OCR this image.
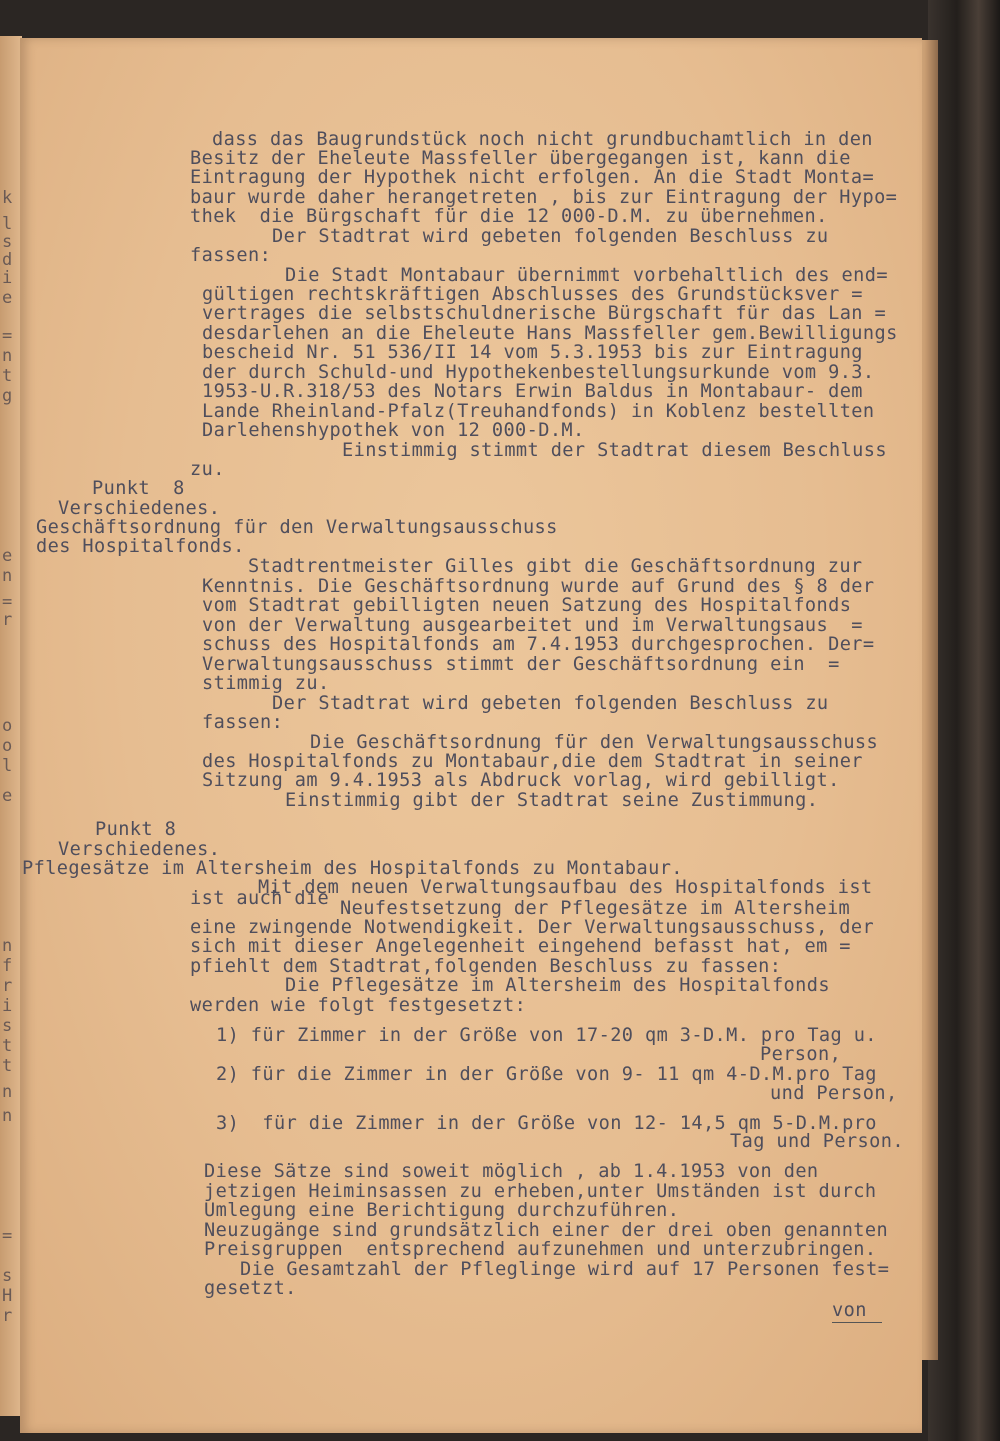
k
l
s
d
i
e
=
n
t
g
e
n
=
r
o
o
l
e
n
f
r
i
s
t
t
n
n
=
s
H
r
dass das Baugrundstück noch nicht grundbuchamtlich in den
Besitz der Eheleute Massfeller übergegangen ist, kann die
Eintragung der Hypothek nicht erfolgen. An die Stadt Monta=
baur wurde daher herangetreten , bis zur Eintragung der Hypo=
thek  die Bürgschaft für die 12 000-D.M. zu übernehmen.
Der Stadtrat wird gebeten folgenden Beschluss zu
fassen:
Die Stadt Montabaur übernimmt vorbehaltlich des end=
gültigen rechtskräftigen Abschlusses des Grundstücksver =
vertrages die selbstschuldnerische Bürgschaft für das Lan =
desdarlehen an die Eheleute Hans Massfeller gem.Bewilligungs
bescheid Nr. 51 536/II 14 vom 5.3.1953 bis zur Eintragung
der durch Schuld-und Hypothekenbestellungsurkunde vom 9.3.
1953-U.R.318/53 des Notars Erwin Baldus in Montabaur- dem
Lande Rheinland-Pfalz(Treuhandfonds) in Koblenz bestellten
Darlehenshypothek von 12 000-D.M.
Einstimmig stimmt der Stadtrat diesem Beschluss
zu.
Punkt  8
Verschiedenes.
Geschäftsordnung für den Verwaltungsausschuss
des Hospitalfonds.
Stadtrentmeister Gilles gibt die Geschäftsordnung zur
Kenntnis. Die Geschäftsordnung wurde auf Grund des § 8 der
vom Stadtrat gebilligten neuen Satzung des Hospitalfonds
von der Verwaltung ausgearbeitet und im Verwaltungsaus  =
schuss des Hospitalfonds am 7.4.1953 durchgesprochen. Der=
Verwaltungsausschuss stimmt der Geschäftsordnung ein  =
stimmig zu.
Der Stadtrat wird gebeten folgenden Beschluss zu
fassen:
Die Geschäftsordnung für den Verwaltungsausschuss
des Hospitalfonds zu Montabaur,die dem Stadtrat in seiner
Sitzung am 9.4.1953 als Abdruck vorlag, wird gebilligt.
Einstimmig gibt der Stadtrat seine Zustimmung.
Punkt 8
Verschiedenes.
Pflegesätze im Altersheim des Hospitalfonds zu Montabaur.
Mit dem neuen Verwaltungsaufbau des Hospitalfonds ist
ist auch die Neufestsetzung der Pflegesätze im Altersheim
eine zwingende Notwendigkeit. Der Verwaltungsausschuss, der
sich mit dieser Angelegenheit eingehend befasst hat, em =
pfiehlt dem Stadtrat,folgenden Beschluss zu fassen:
Die Pflegesätze im Altersheim des Hospitalfonds
werden wie folgt festgesetzt:
1) für Zimmer in der Größe von 17-20 qm 3-D.M. pro Tag u.
Person,
2) für die Zimmer in der Größe von 9- 11 qm 4-D.M.pro Tag
und Person,
3)  für die Zimmer in der Größe von 12- 14,5 qm 5-D.M.pro
Tag und Person.
Diese Sätze sind soweit möglich , ab 1.4.1953 von den
jetzigen Heiminsassen zu erheben,unter Umständen ist durch
Umlegung eine Berichtigung durchzuführen.
Neuzugänge sind grundsätzlich einer der drei oben genannten
Preisgruppen  entsprechend aufzunehmen und unterzubringen.
Die Gesamtzahl der Pfleglinge wird auf 17 Personen fest=
gesetzt.
von
